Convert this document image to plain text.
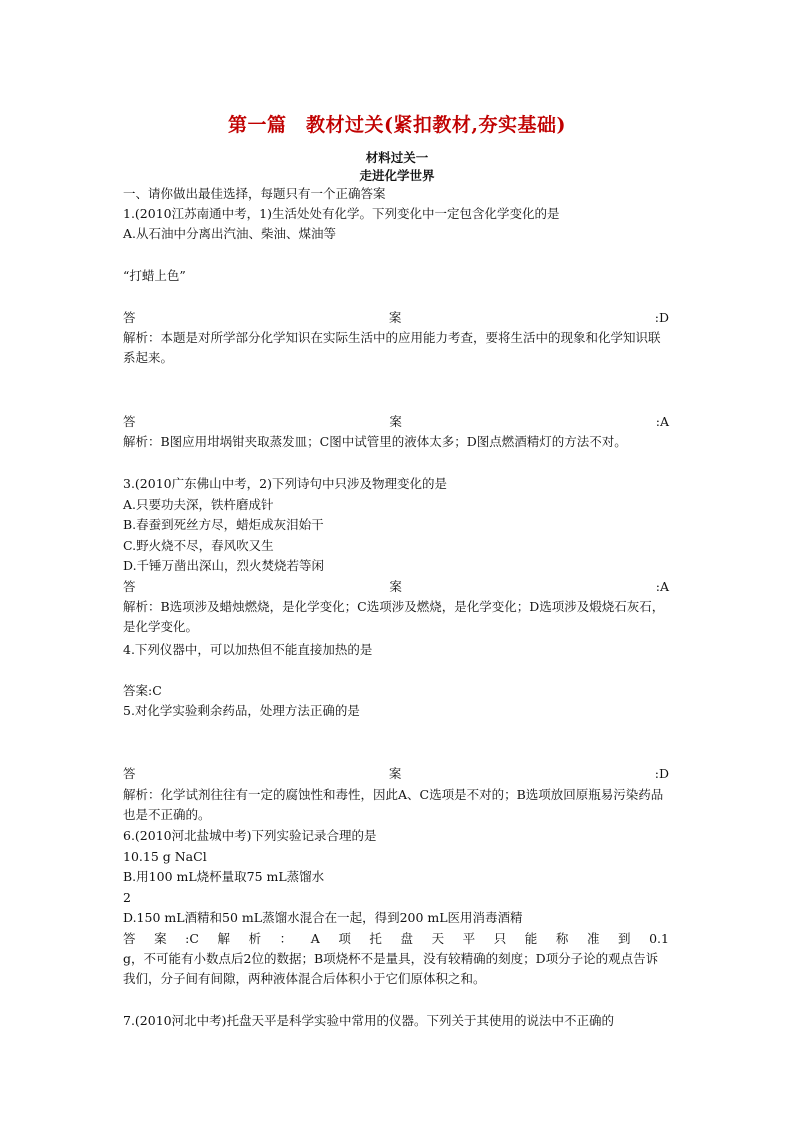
第一篇　教材过关(紧扣教材,夯实基础)
材料过关一
走进化学世界
一、请你做出最佳选择，每题只有一个正确答案
1.(2010江苏南通中考，1)生活处处有化学。下列变化中一定包含化学变化的是
A.从石油中分离出汽油、柴油、煤油等
“打蜡上色”
答	案	:D
解析：本题是对所学部分化学知识在实际生活中的应用能力考查，要将生活中的现象和化学知识联系起来。
答	案	:A
解析：B图应用坩埚钳夹取蒸发皿；C图中试管里的液体太多；D图点燃酒精灯的方法不对。
3.(2010广东佛山中考，2)下列诗句中只涉及物理变化的是
A.只要功夫深，铁杵磨成针
B.春蚕到死丝方尽，蜡炬成灰泪始干
C.野火烧不尽，春风吹又生
D.千锤万凿出深山，烈火焚烧若等闲
答	案	:A
解析：B选项涉及蜡烛燃烧，是化学变化；C选项涉及燃烧，是化学变化；D选项涉及煅烧石灰石，是化学变化。
4.下列仪器中，可以加热但不能直接加热的是
答案:C
5.对化学实验剩余药品，处理方法正确的是
答	案	:D
解析：化学试剂往往有一定的腐蚀性和毒性，因此A、C选项是不对的；B选项放回原瓶易污染药品也是不正确的。
6.(2010河北盐城中考)下列实验记录合理的是
10.15 g NaCl
B.用100 mL烧杯量取75 mL蒸馏水
2
D.150 mL酒精和50 mL蒸馏水混合在一起，得到200 mL医用消毒酒精
答 案 :C 解 析 ： A 项 托 盘 天 平 只 能 称 准 到 0.1
g，不可能有小数点后2位的数据；B项烧杯不是量具，没有较精确的刻度；D项分子论的观点告诉我们，分子间有间隙，两种液体混合后体积小于它们原体积之和。
7.(2010河北中考)托盘天平是科学实验中常用的仪器。下列关于其使用的说法中不正确的
